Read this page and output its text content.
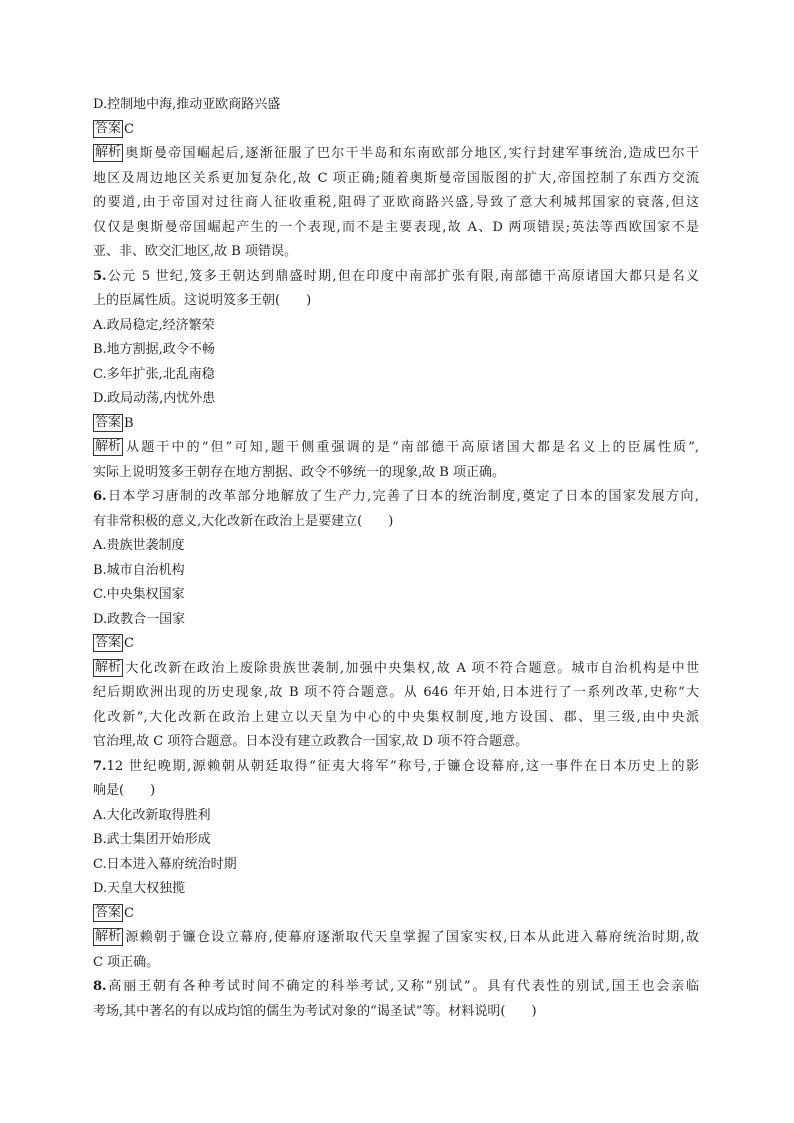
D.控制地中海,推动亚欧商路兴盛
答案 C
解析 奥斯曼帝国崛起后,逐渐征服了巴尔干半岛和东南欧部分地区,实行封建军事统治,造成巴尔干
地区及周边地区关系更加复杂化,故 C 项正确;随着奥斯曼帝国版图的扩大,帝国控制了东西方交流
的要道,由于帝国对过往商人征收重税,阻碍了亚欧商路兴盛,导致了意大利城邦国家的衰落,但这
仅仅是奥斯曼帝国崛起产生的一个表现,而不是主要表现,故 A、D 两项错误;英法等西欧国家不是
亚、非、欧交汇地区,故 B 项错误。
5.公元 5 世纪,笈多王朝达到鼎盛时期,但在印度中南部扩张有限,南部德干高原诸国大都只是名义
上的臣属性质。这说明笈多王朝(　　)
A.政局稳定,经济繁荣
B.地方割据,政令不畅
C.多年扩张,北乱南稳
D.政局动荡,内忧外患
答案 B
解析 从题干中的“但”可知,题干侧重强调的是“南部德干高原诸国大都是名义上的臣属性质”,
实际上说明笈多王朝存在地方割据、政令不够统一的现象,故 B 项正确。
6.日本学习唐制的改革部分地解放了生产力,完善了日本的统治制度,奠定了日本的国家发展方向,
有非常积极的意义,大化改新在政治上是要建立(　　)
A.贵族世袭制度
B.城市自治机构
C.中央集权国家
D.政教合一国家
答案 C
解析 大化改新在政治上废除贵族世袭制,加强中央集权,故 A 项不符合题意。城市自治机构是中世
纪后期欧洲出现的历史现象,故 B 项不符合题意。从 646 年开始,日本进行了一系列改革,史称“大
化改新”,大化改新在政治上建立以天皇为中心的中央集权制度,地方设国、郡、里三级,由中央派
官治理,故 C 项符合题意。日本没有建立政教合一国家,故 D 项不符合题意。
7.12 世纪晚期,源赖朝从朝廷取得“征夷大将军”称号,于镰仓设幕府,这一事件在日本历史上的影
响是(　　)
A.大化改新取得胜利
B.武士集团开始形成
C.日本进入幕府统治时期
D.天皇大权独揽
答案 C
解析 源赖朝于镰仓设立幕府,使幕府逐渐取代天皇掌握了国家实权,日本从此进入幕府统治时期,故
C 项正确。
8.高丽王朝有各种考试时间不确定的科举考试,又称“别试”。具有代表性的别试,国王也会亲临
考场,其中著名的有以成均馆的儒生为考试对象的“谒圣试”等。材料说明(　　)
